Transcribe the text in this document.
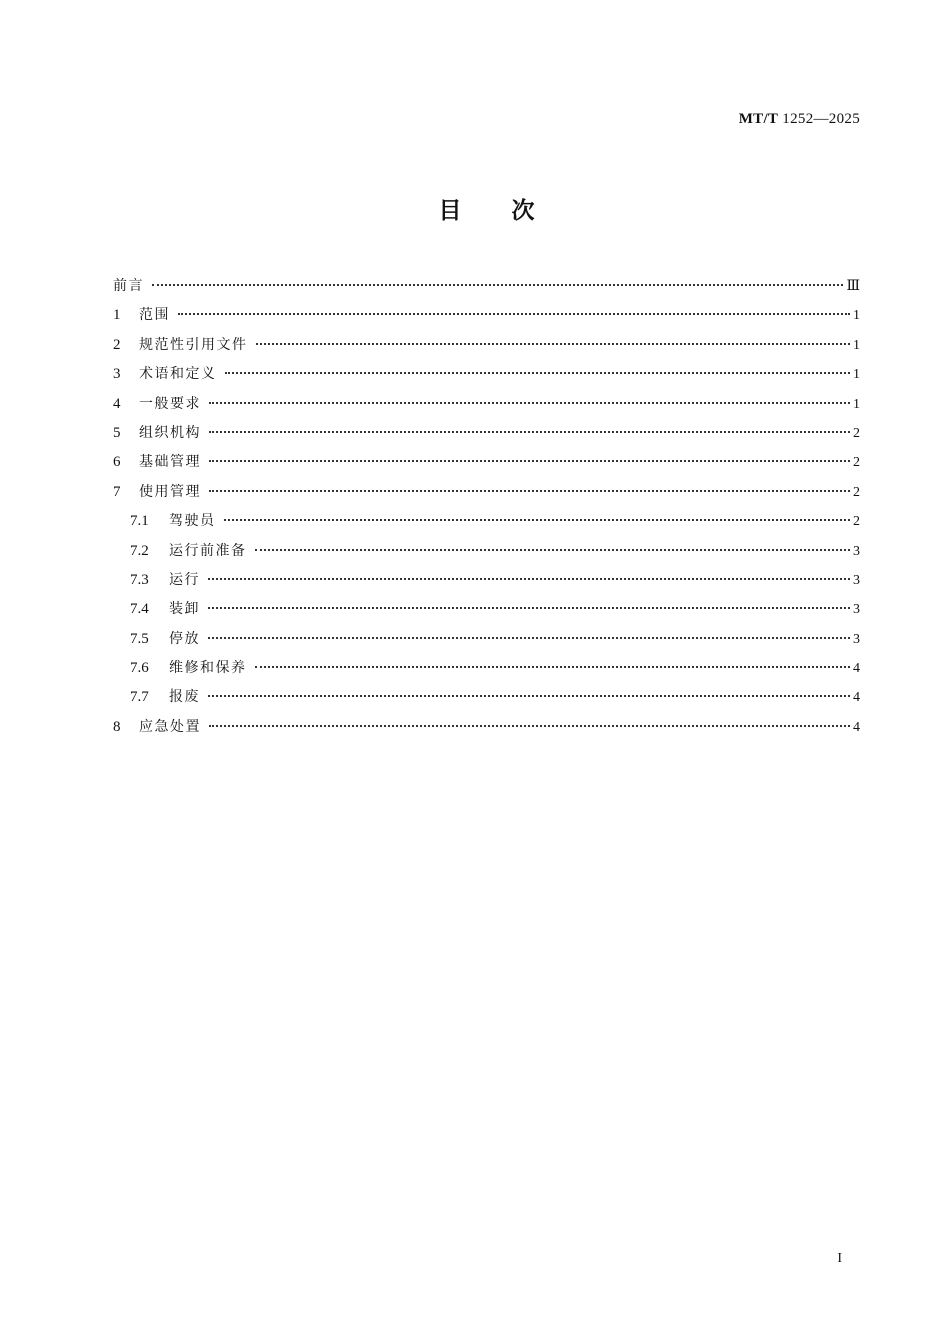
MT/T 1252—2025
目 次
前言	Ⅲ
1	范围	1
2	规范性引用文件	1
3	术语和定义	1
4	一般要求	1
5	组织机构	2
6	基础管理	2
7	使用管理	2
7.1	驾驶员	2
7.2	运行前准备	3
7.3	运行	3
7.4	装卸	3
7.5	停放	3
7.6	维修和保养	4
7.7	报废	4
8	应急处置	4
I
